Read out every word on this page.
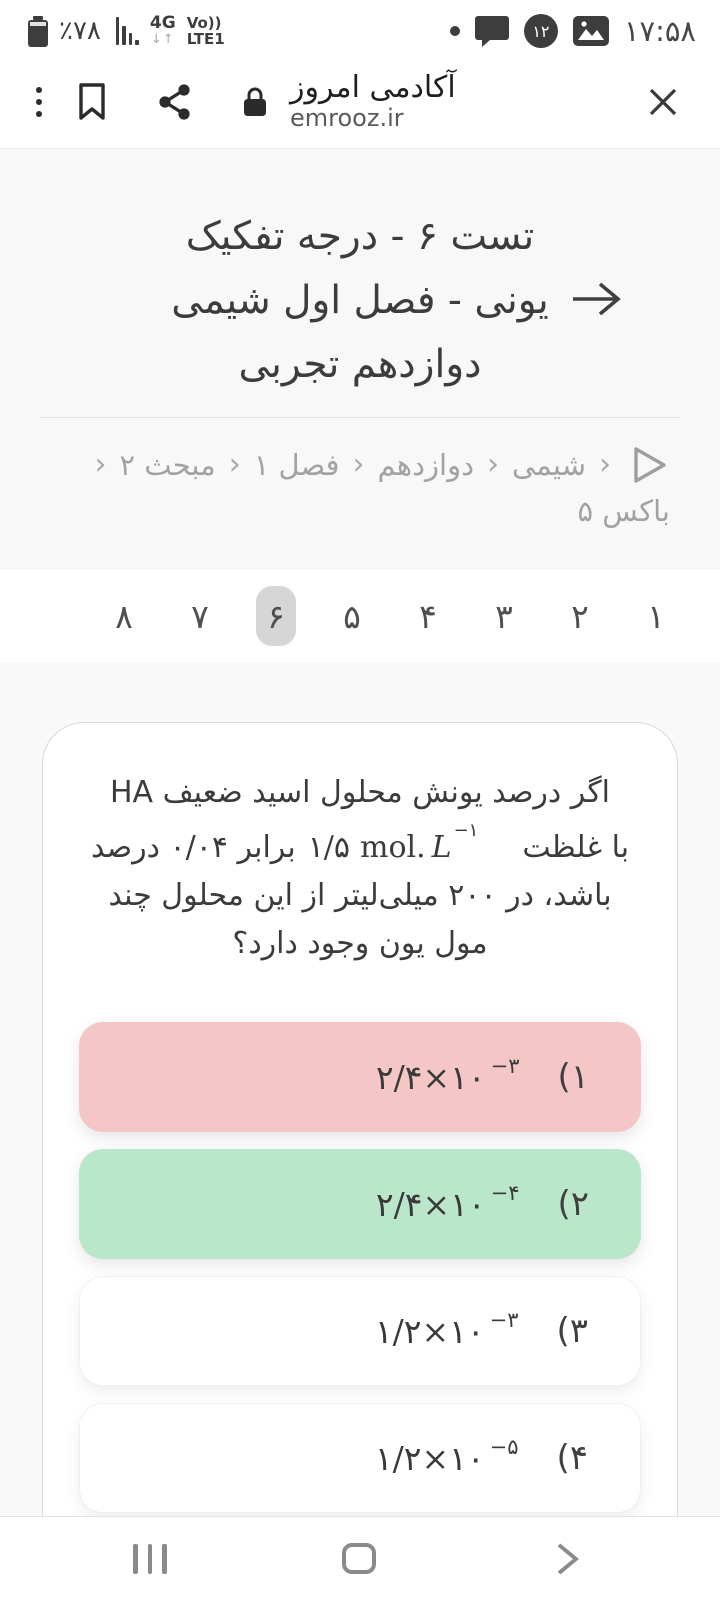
٪۷۸	4G
↓↑
Vo))
LTE1	۱۲	۱۷:۵۸
آکادمی امروز
emrooz.ir
تست ۶ - درجه تفکیک
یونی - فصل اول شیمی
دوازدهم تجربی
‹
شیمی
‹
دوازدهم
‹
فصل ۱
‹
مبحث ۲
‹
باکس ۵
۱
۲
۳
۴
۵
۶
۷
۸
اگر درصد یونش محلول اسید ضعیف HA
با غلظت۱/۵ mol. L $^{-۱}$برابر ۰/۰۴ درصد
باشد، در ۲۰۰ میلی‌لیتر از این محلول چند
مول یون وجود دارد؟
۱)
۲/۴ $\times ۱۰^{-۳}$
۲)
۲/۴ $\times ۱۰^{-۴}$
۳)
۱/۲ $\times ۱۰^{-۳}$
۴)
۱/۲ $\times ۱۰^{-۵}$
